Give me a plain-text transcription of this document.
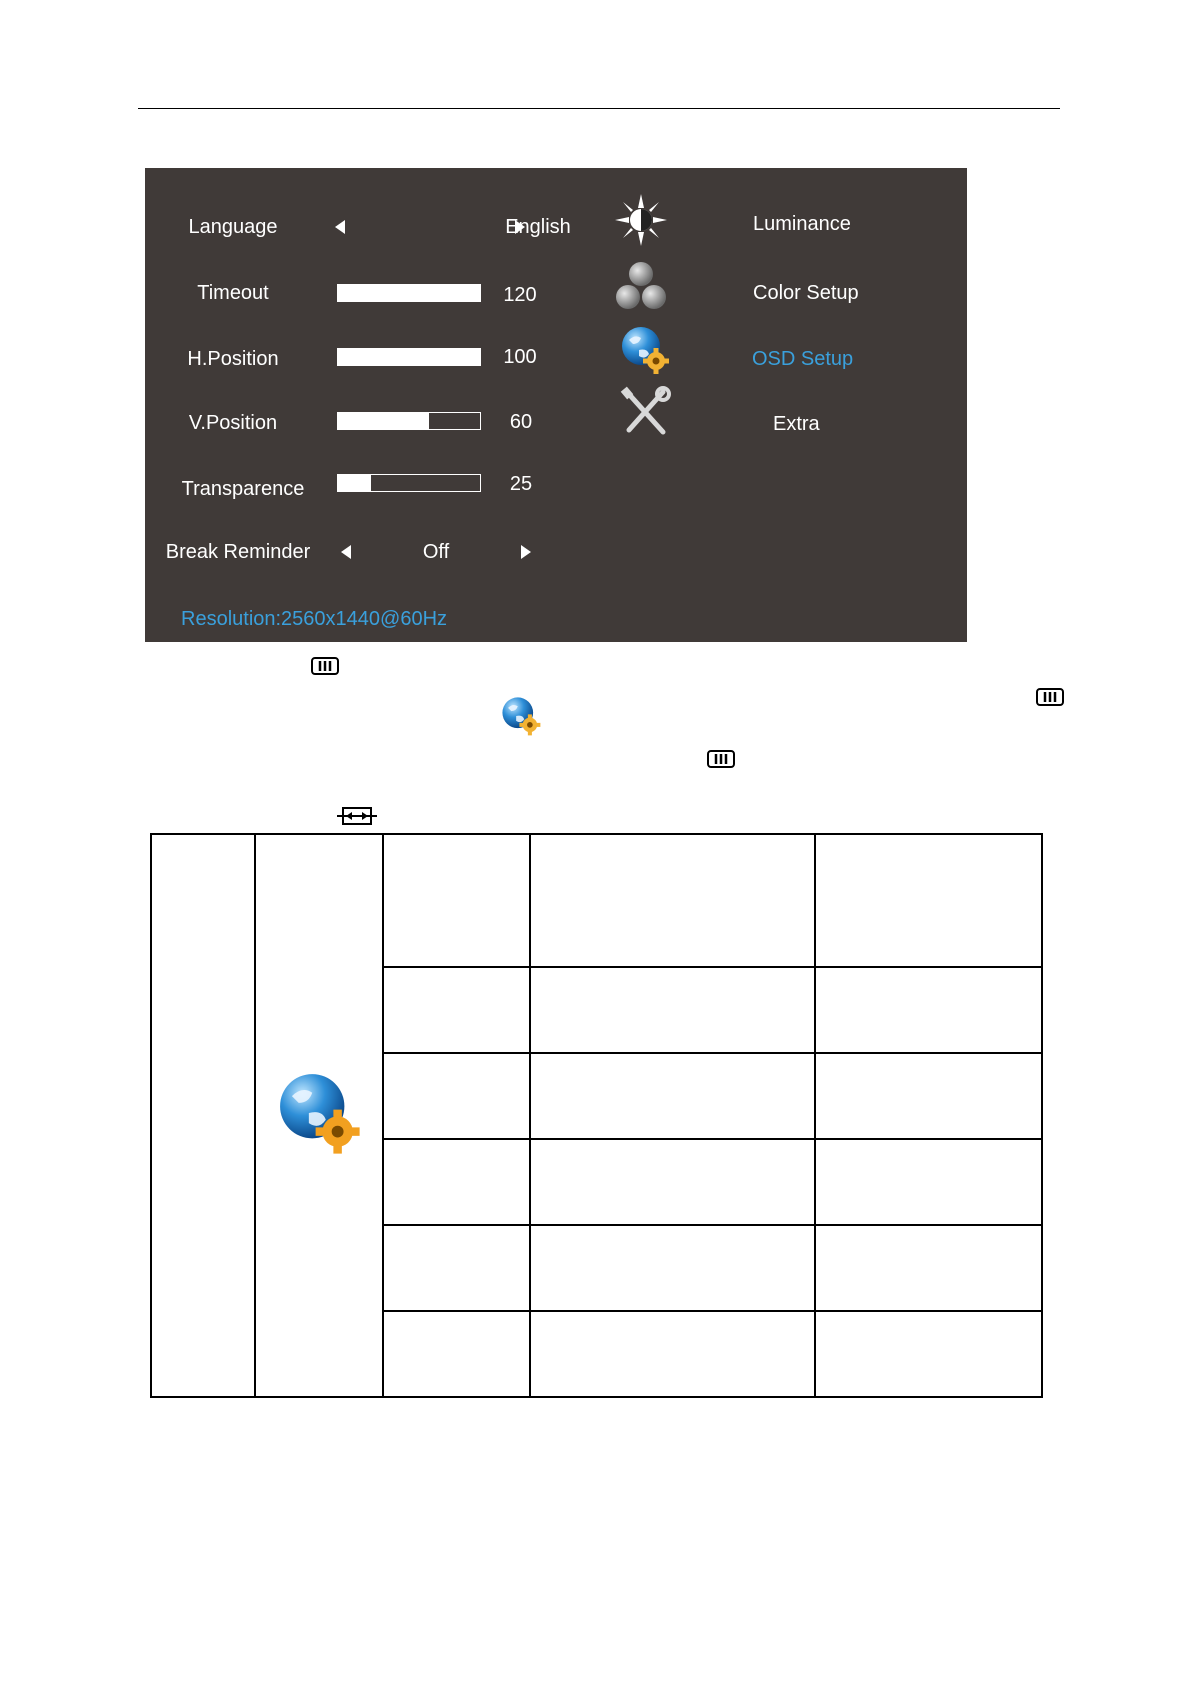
Language	English
Timeout	120
H.Position	100
V.Position	60
Transparence	25
Break Reminder	Off
Luminance
Color Setup
OSD Setup
Extra
Resolution:2560x1440@60Hz
